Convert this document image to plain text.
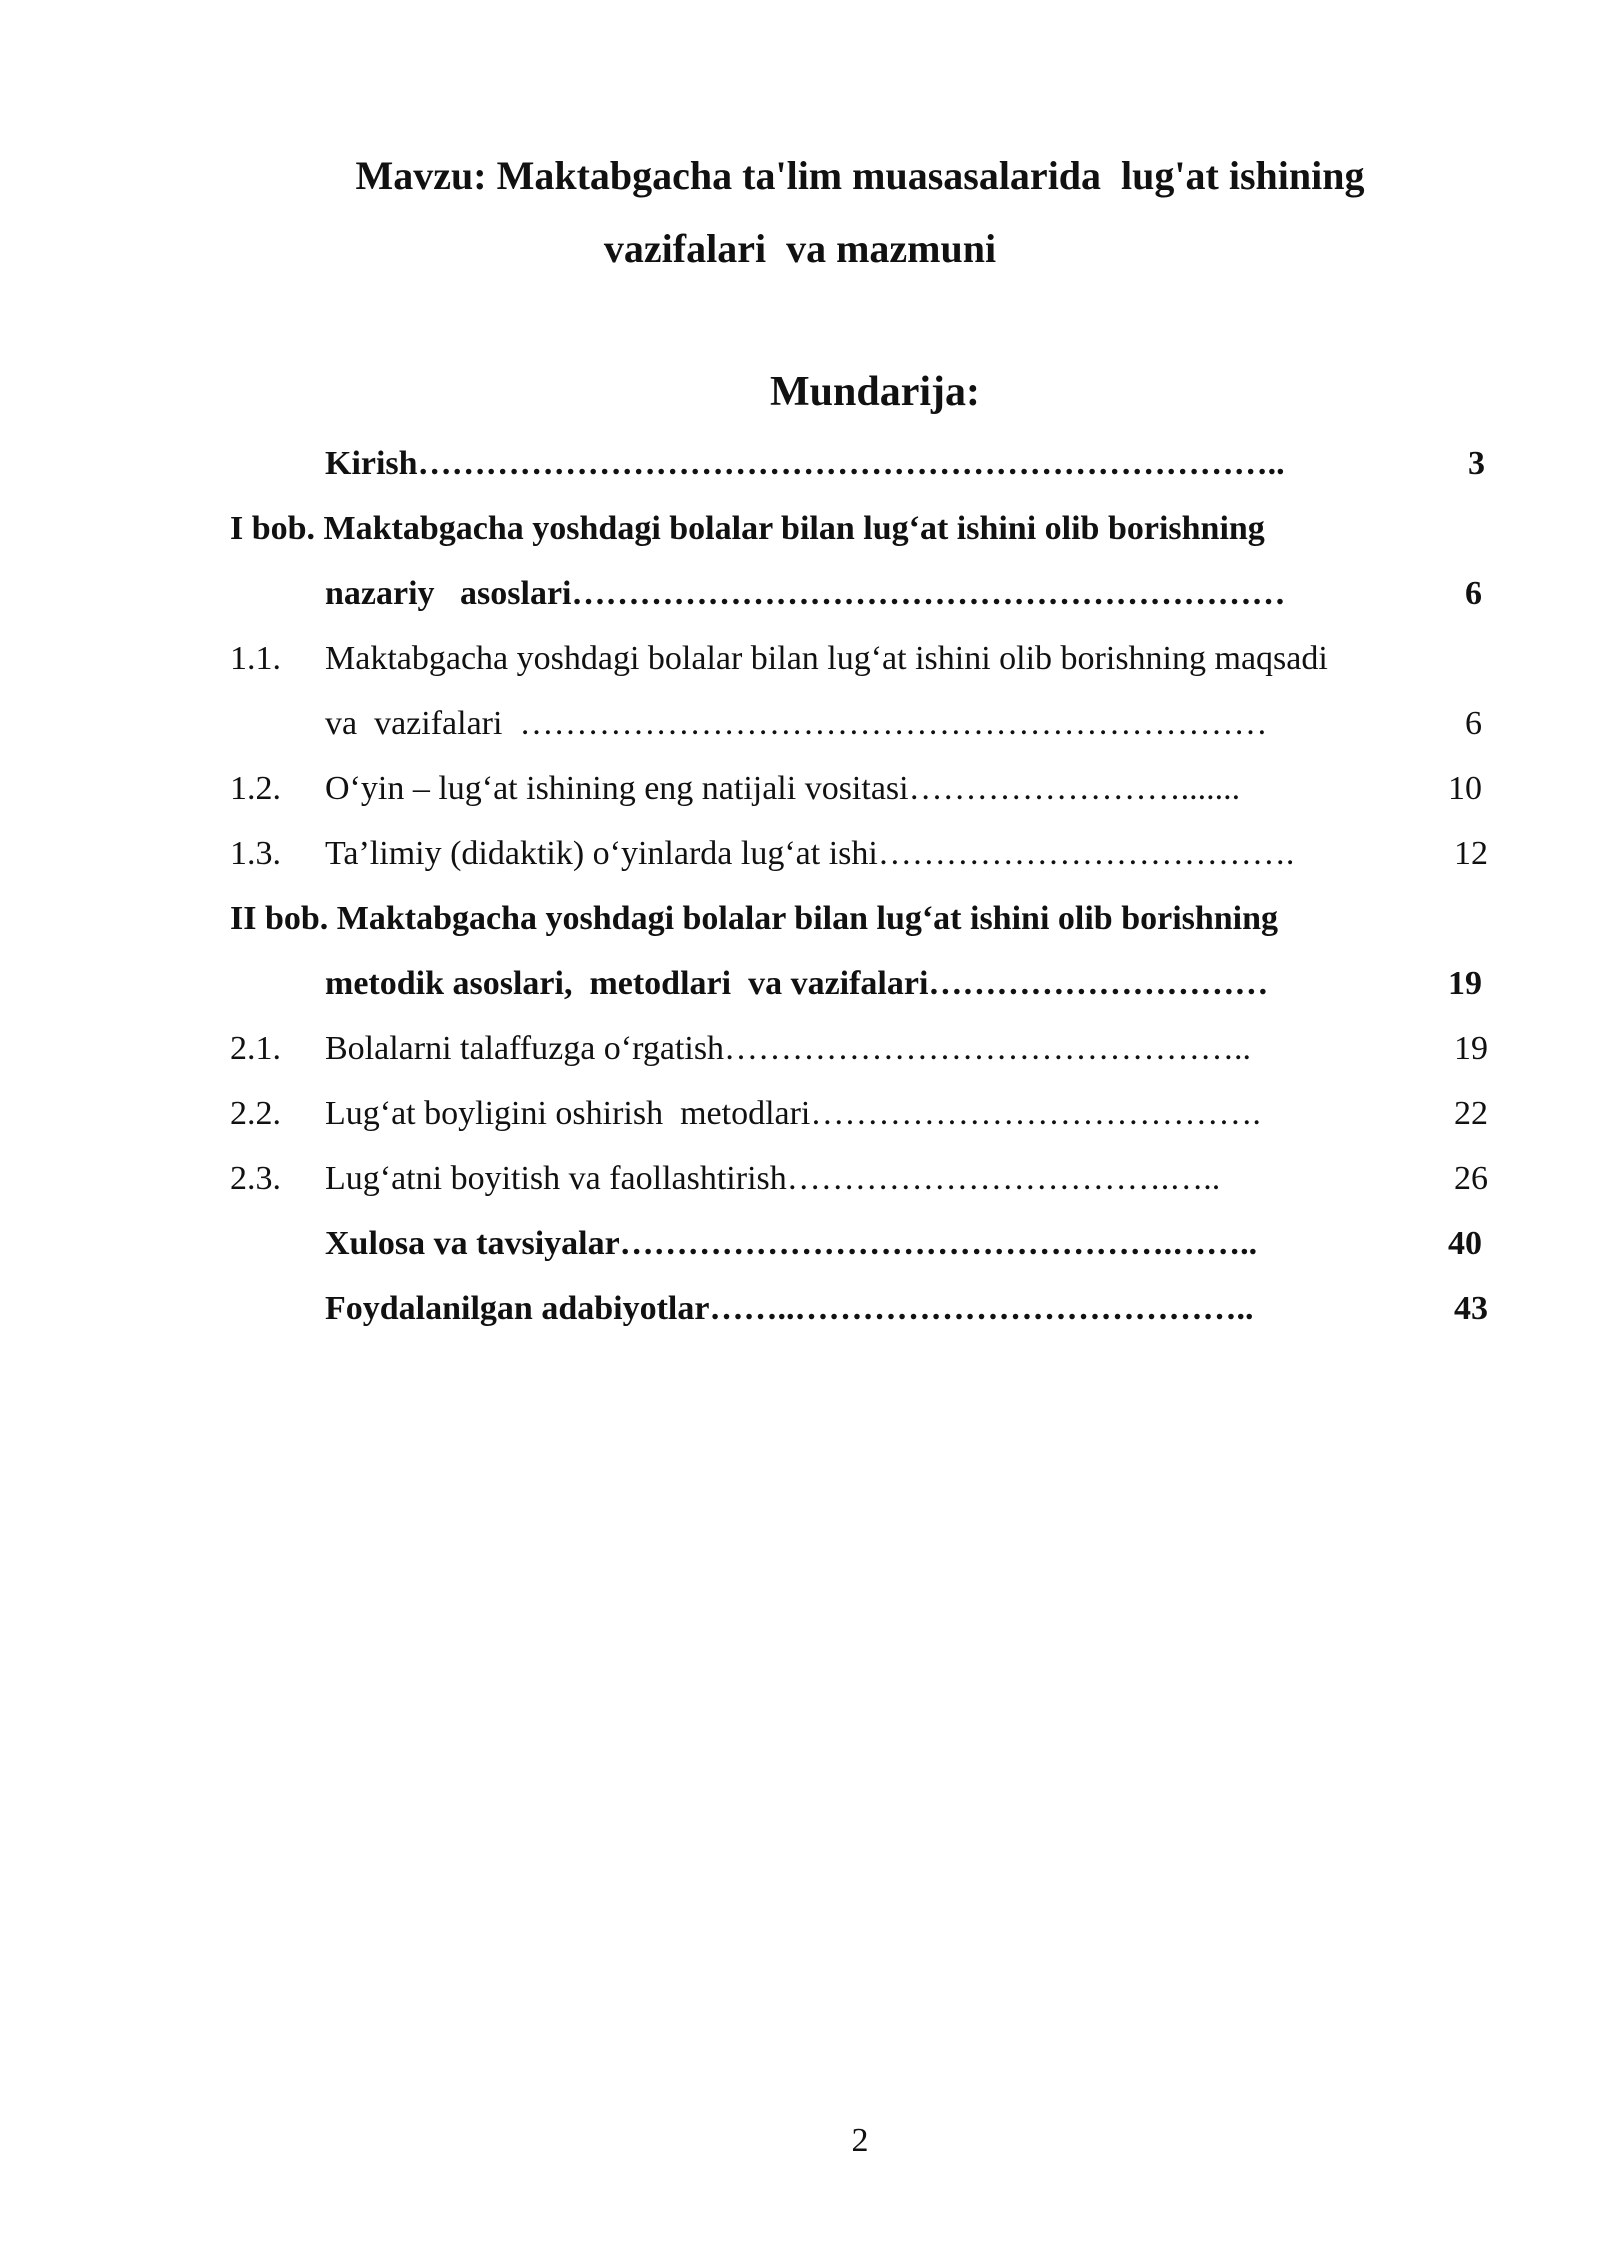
Mavzu: Maktabgacha ta'lim muasasalarida  lug'at ishining
vazifalari  va mazmuni
Mundarija:
Kirish…………………………………………………………………..	3
I bob. Maktabgacha yoshdagi bolalar bilan lug‘at ishini olib borishning
nazariy   asoslari………………………………………………………	6
1.1. Maktabgacha yoshdagi bolalar bilan lug‘at ishini olib borishning maqsadi
va  vazifalari  …………………………………………………………	6
1.2. O‘yin – lug‘at ishining eng natijali vositasi…………………….......	10
1.3. Ta’limiy (didaktik) o‘yinlarda lug‘at ishi……………………………….	12
II bob. Maktabgacha yoshdagi bolalar bilan lug‘at ishini olib borishning
metodik asoslari,  metodlari  va vazifalari…………………………	19
2.1. Bolalarni talaffuzga o‘rgatish………………………………………..	19
2.2. Lug‘at boyligini oshirish  metodlari………………………………….	22
2.3. Lug‘atni boyitish va faollashtirish…………………………….…..	26
Xulosa va tavsiyalar………………………………………….……..	40
Foydalanilgan adabiyotlar……..…………………………………..	43
2
